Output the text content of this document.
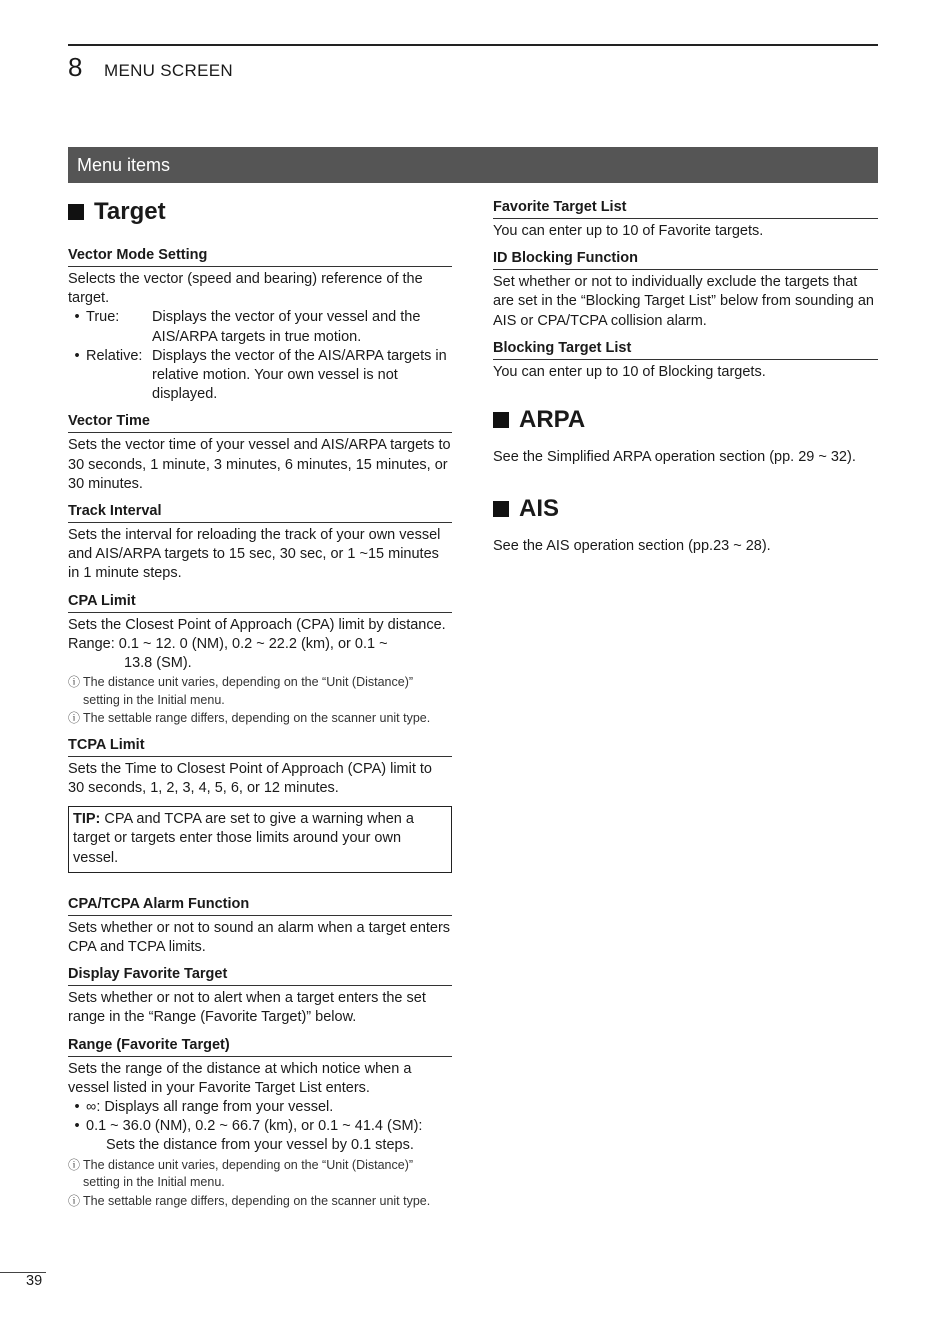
8 MENU SCREEN
Menu items
Target
Vector Mode Setting

Selects the vector (speed and bearing) reference of the target.

• True:	Displays the vector of your vessel and the AIS/ARPA targets in true motion.
• Relative: Displays the vector of the AIS/ARPA targets in relative motion. Your own vessel is not displayed.
Vector Time

Sets the vector time of your vessel and AIS/ARPA targets to 30 seconds, 1 minute, 3 minutes, 6 minutes, 15 minutes, or 30 minutes.

Track Interval

Sets the interval for reloading the track of your own vessel and AIS/ARPA targets to 15 sec, 30 sec, or 1 ~15 minutes in 1 minute steps.

CPA Limit

Sets the Closest Point of Approach (CPA) limit by distance.

Range: 0.1 ~ 12. 0 (NM), 0.2 ~ 22.2 (km), or 0.1 ~
13.8 (SM).
ⓘ The distance unit varies, depending on the “Unit (Distance)” setting in the Initial menu.
ⓘ The settable range differs, depending on the scanner unit type.
TCPA Limit

Sets the Time to Closest Point of Approach (CPA) limit to 30 seconds, 1, 2, 3, 4, 5, 6, or 12 minutes.

TIP: CPA and TCPA are set to give a warning when a target or targets enter those limits around your own vessel.
CPA/TCPA Alarm Function

Sets whether or not to sound an alarm when a target enters CPA and TCPA limits.

Display Favorite Target

Sets whether or not to alert when a target enters the set range in the “Range (Favorite Target)” below.

Range (Favorite Target)

Sets the range of the distance at which notice when a vessel listed in your Favorite Target List enters.

• ∞: Displays all range from your vessel.
• 0.1 ~ 36.0 (NM), 0.2 ~ 66.7 (km), or 0.1 ~ 41.4 (SM):
Sets the distance from your vessel by 0.1 steps.
ⓘ The distance unit varies, depending on the “Unit (Distance)” setting in the Initial menu.
ⓘ The settable range differs, depending on the scanner unit type.
Favorite Target List

You can enter up to 10 of Favorite targets.

ID Blocking Function

Set whether or not to individually exclude the targets that are set in the “Blocking Target List” below from sounding an AIS or CPA/TCPA collision alarm.

Blocking Target List

You can enter up to 10 of Blocking targets.

ARPA

See the Simplified ARPA operation section (pp. 29 ~ 32).

AIS

See the AIS operation section (pp.23 ~ 28).

39
